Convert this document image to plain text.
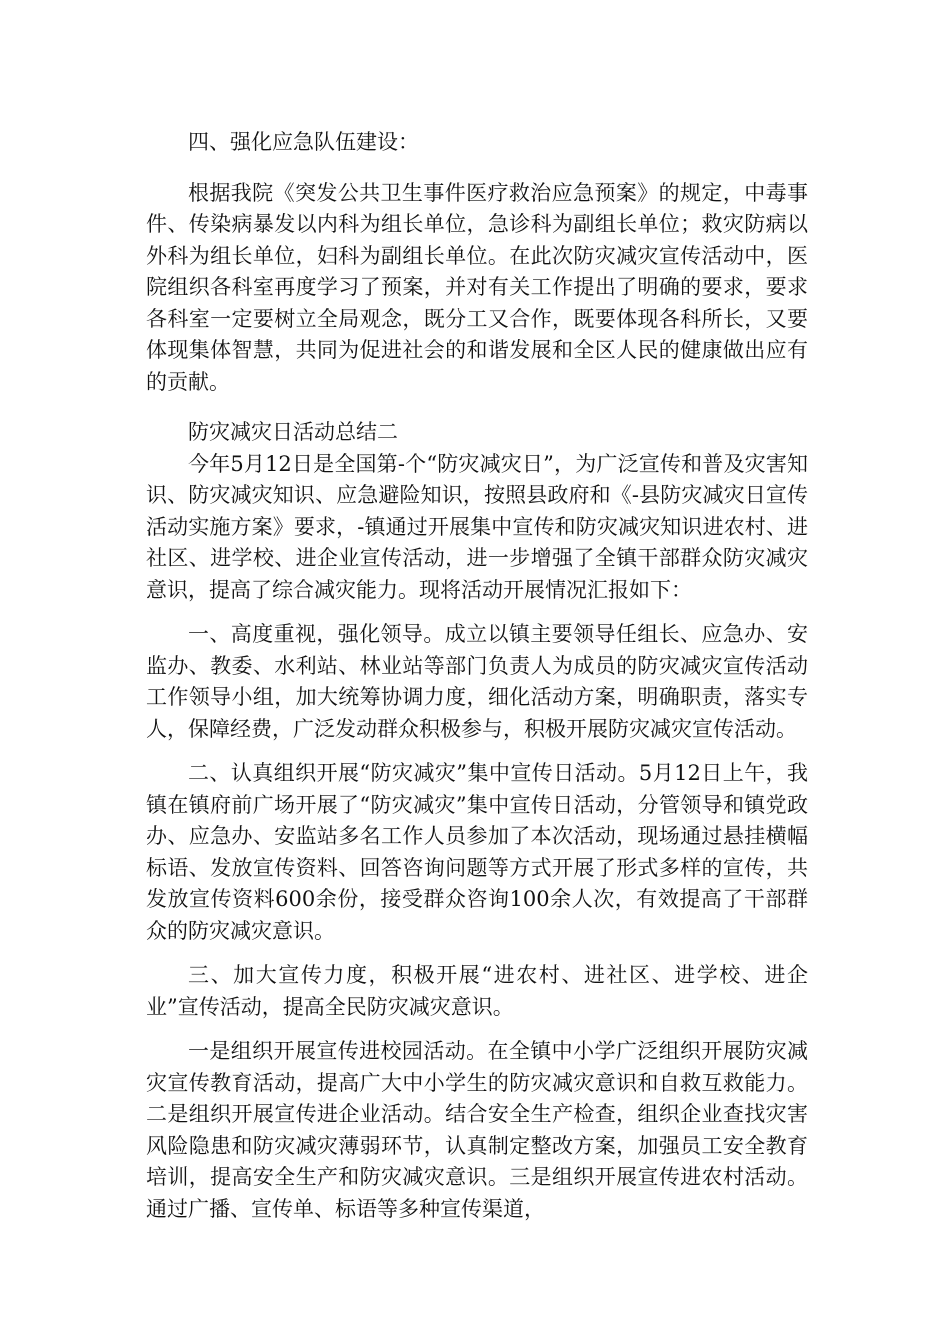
四、强化应急队伍建设：

根据我院《突发公共卫生事件医疗救治应急预案》的规定，中毒事件、传染病暴发以内科为组长单位，急诊科为副组长单位；救灾防病以外科为组长单位，妇科为副组长单位。在此次防灾减灾宣传活动中，医院组织各科室再度学习了预案，并对有关工作提出了明确的要求，要求各科室一定要树立全局观念，既分工又合作，既要体现各科所长，又要体现集体智慧，共同为促进社会的和谐发展和全区人民的健康做出应有的贡献。

防灾减灾日活动总结二

今年5月12日是全国第-个“防灾减灾日”，为广泛宣传和普及灾害知识、防灾减灾知识、应急避险知识，按照县政府和《-县防灾减灾日宣传活动实施方案》要求，-镇通过开展集中宣传和防灾减灾知识进农村、进社区、进学校、进企业宣传活动，进一步增强了全镇干部群众防灾减灾意识，提高了综合减灾能力。现将活动开展情况汇报如下：

一、高度重视，强化领导。成立以镇主要领导任组长、应急办、安监办、教委、水利站、林业站等部门负责人为成员的防灾减灾宣传活动工作领导小组，加大统筹协调力度，细化活动方案，明确职责，落实专人，保障经费，广泛发动群众积极参与，积极开展防灾减灾宣传活动。

二、认真组织开展“防灾减灾”集中宣传日活动。5月12日上午，我镇在镇府前广场开展了“防灾减灾”集中宣传日活动，分管领导和镇党政办、应急办、安监站多名工作人员参加了本次活动，现场通过悬挂横幅标语、发放宣传资料、回答咨询问题等方式开展了形式多样的宣传，共发放宣传资料600余份，接受群众咨询100余人次，有效提高了干部群众的防灾减灾意识。

三、加大宣传力度，积极开展“进农村、进社区、进学校、进企业”宣传活动，提高全民防灾减灾意识。

一是组织开展宣传进校园活动。在全镇中小学广泛组织开展防灾减灾宣传教育活动，提高广大中小学生的防灾减灾意识和自救互救能力。二是组织开展宣传进企业活动。结合安全生产检查，组织企业查找灾害风险隐患和防灾减灾薄弱环节，认真制定整改方案，加强员工安全教育培训，提高安全生产和防灾减灾意识。三是组织开展宣传进农村活动。通过广播、宣传单、标语等多种宣传渠道，
